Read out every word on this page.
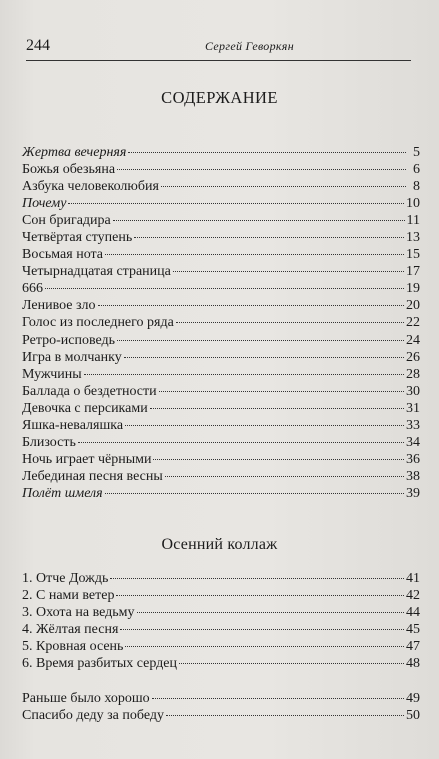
244	Сергей Геворкян
СОДЕРЖАНИЕ
Жертва вечерняя	5
Божья обезьяна	6
Азбука человеколюбия	8
Почему	10
Сон бригадира	11
Четвёртая ступень	13
Восьмая нота	15
Четырнадцатая страница	17
666	19
Ленивое зло	20
Голос из последнего ряда	22
Ретро-исповедь	24
Игра в молчанку	26
Мужчины	28
Баллада о бездетности	30
Девочка с персиками	31
Яшка-неваляшка	33
Близость	34
Ночь играет чёрными	36
Лебединая песня весны	38
Полёт шмеля	39
Осенний коллаж
1. Отче Дождь	41
2. С нами ветер	42
3. Охота на ведьму	44
4. Жёлтая песня	45
5. Кровная осень	47
6. Время разбитых сердец	48
Раньше было хорошо	49
Спасибо деду за победу	50
